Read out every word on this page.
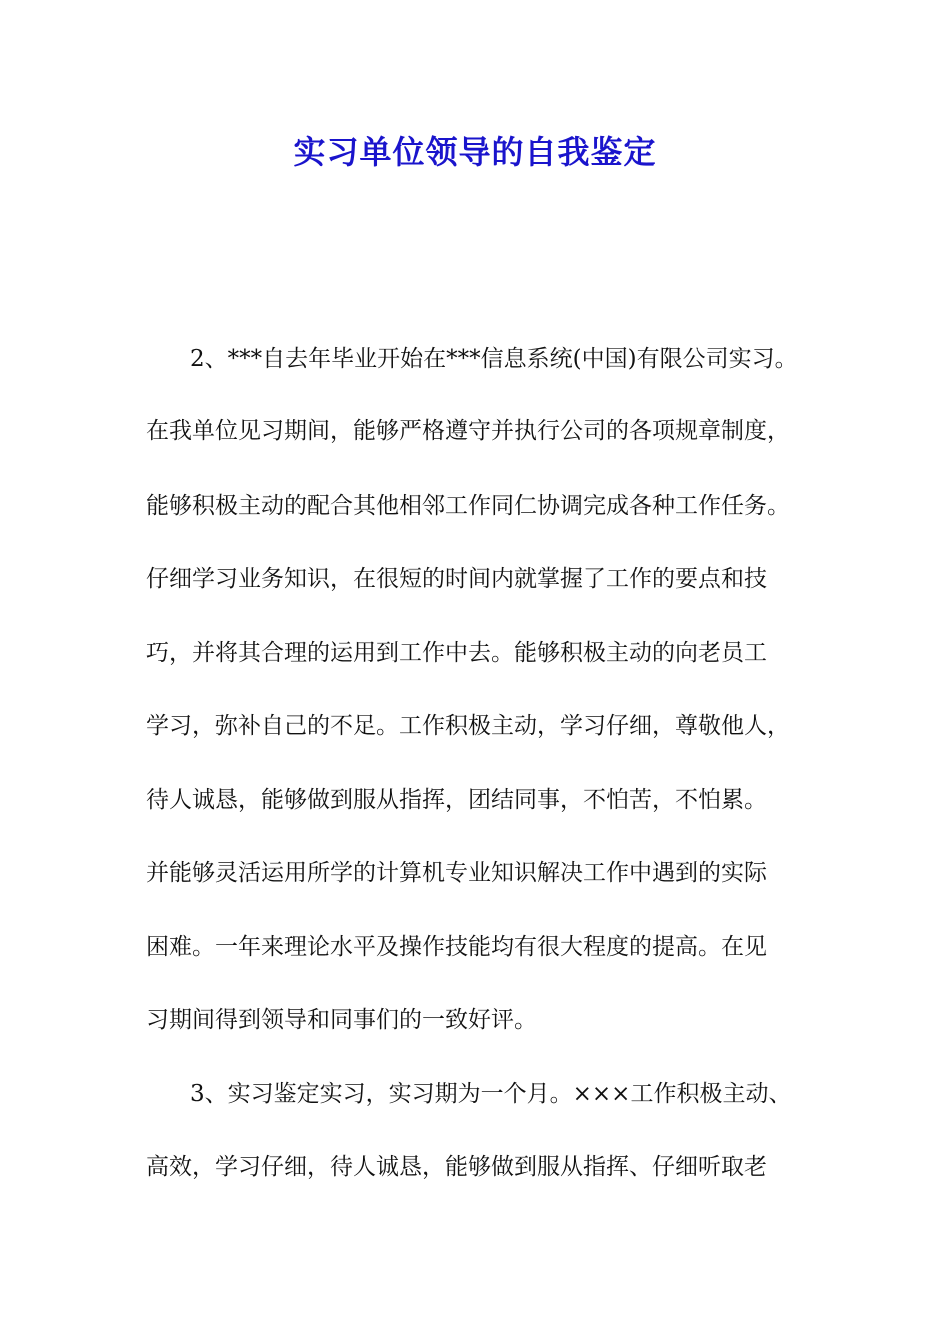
实习单位领导的自我鉴定
2、***自去年毕业开始在***信息系统(中国)有限公司实习。
在我单位见习期间，能够严格遵守并执行公司的各项规章制度，
能够积极主动的配合其他相邻工作同仁协调完成各种工作任务。
仔细学习业务知识，在很短的时间内就掌握了工作的要点和技
巧，并将其合理的运用到工作中去。能够积极主动的向老员工
学习，弥补自己的不足。工作积极主动，学习仔细，尊敬他人，
待人诚恳，能够做到服从指挥，团结同事，不怕苦，不怕累。
并能够灵活运用所学的计算机专业知识解决工作中遇到的实际
困难。一年来理论水平及操作技能均有很大程度的提高。在见
习期间得到领导和同事们的一致好评。
3、实习鉴定实习，实习期为一个月。×××工作积极主动、
高效，学习仔细，待人诚恳，能够做到服从指挥、仔细听取老
